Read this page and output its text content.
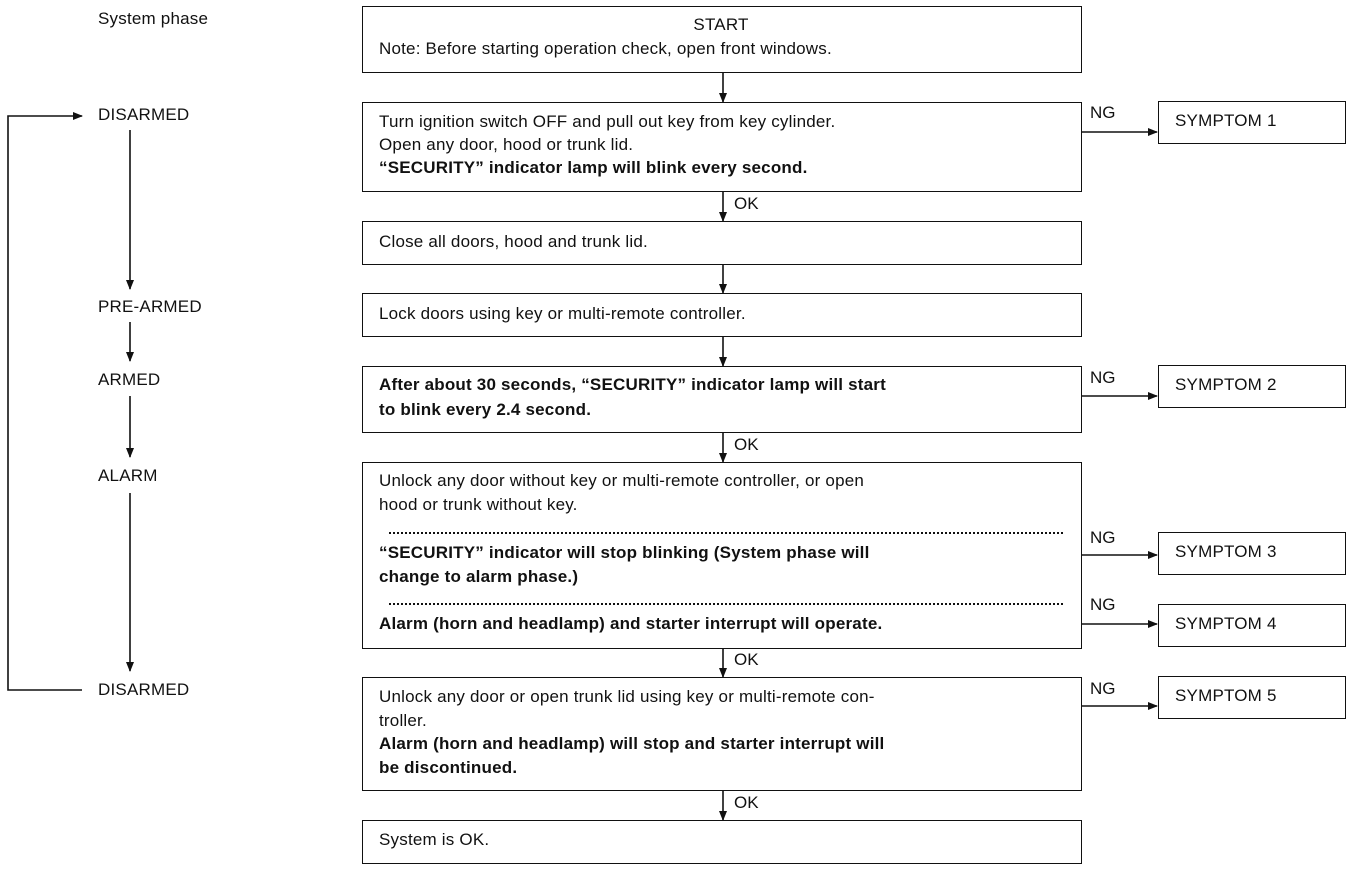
System phase
DISARMED
PRE-ARMED
ARMED
ALARM
DISARMED
START
Note: Before starting operation check, open front windows.
Turn ignition switch OFF and pull out key from key cylinder.
Open any door, hood or trunk lid.
“SECURITY” indicator lamp will blink every second.
Close all doors, hood and trunk lid.
Lock doors using key or multi-remote controller.
After about 30 seconds, “SECURITY” indicator lamp will start
to blink every 2.4 second.
Unlock any door without key or multi-remote controller, or open
hood or trunk without key.
“SECURITY” indicator will stop blinking (System phase will
change to alarm phase.)
Alarm (horn and headlamp) and starter interrupt will operate.
Unlock any door or open trunk lid using key or multi-remote con-
troller.
Alarm (horn and headlamp) will stop and starter interrupt will
be discontinued.
System is OK.
OK
OK
OK
OK
NG
NG
NG
NG
NG
SYMPTOM 1
SYMPTOM 2
SYMPTOM 3
SYMPTOM 4
SYMPTOM 5
